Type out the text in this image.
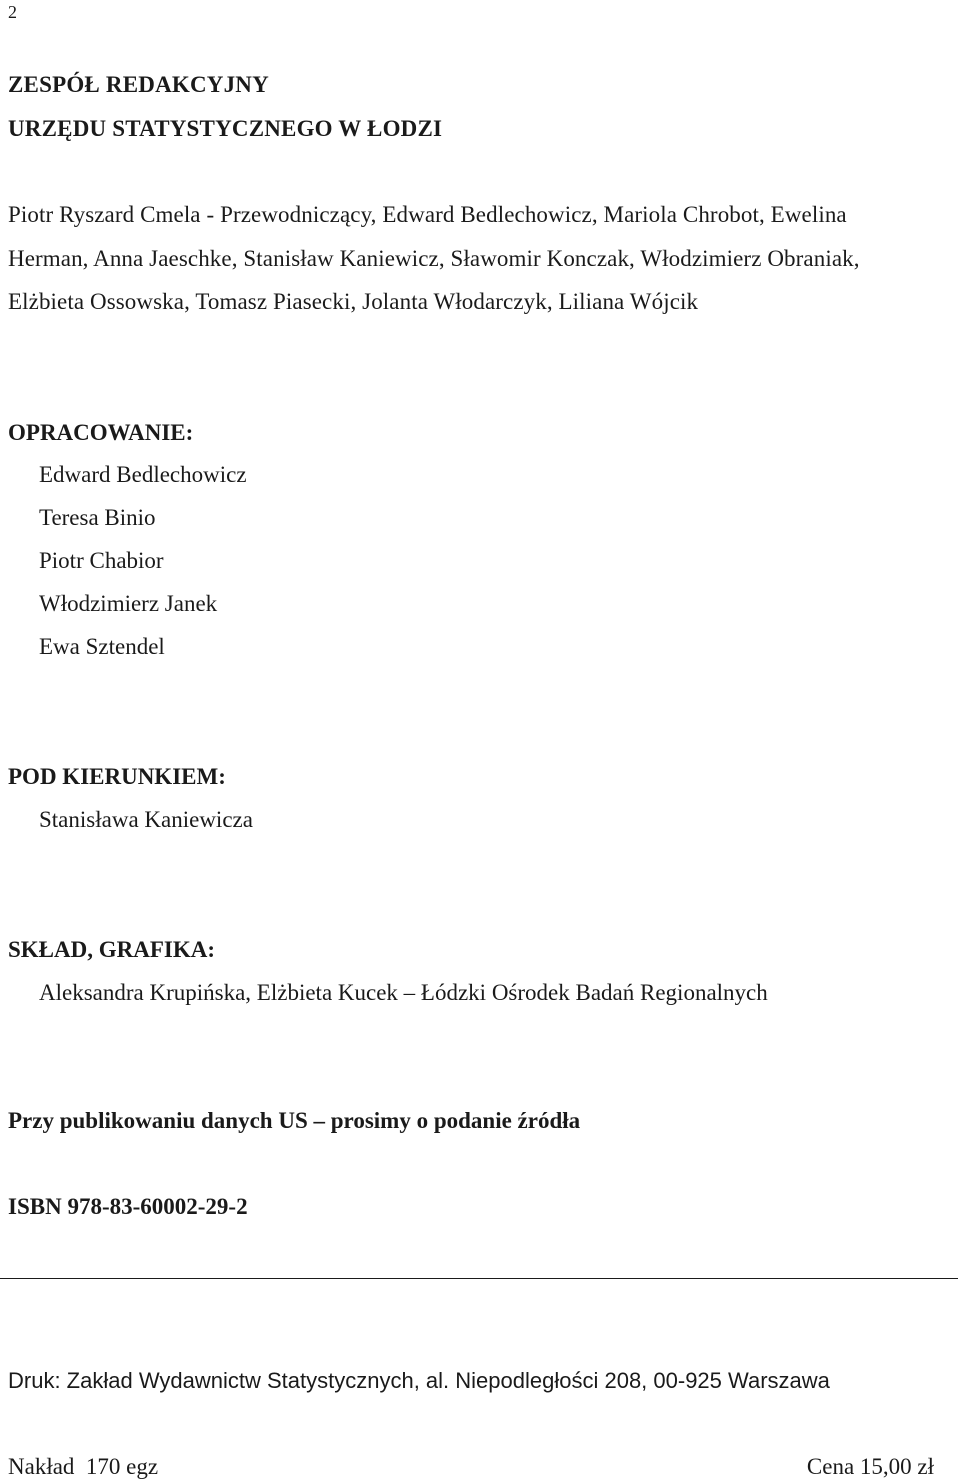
2
ZESPÓŁ REDAKCYJNY
URZĘDU STATYSTYCZNEGO W ŁODZI
Piotr Ryszard Cmela - Przewodniczący, Edward Bedlechowicz, Mariola Chrobot, Ewelina
Herman, Anna Jaeschke, Stanisław Kaniewicz, Sławomir Konczak, Włodzimierz Obraniak,
Elżbieta Ossowska, Tomasz Piasecki, Jolanta Włodarczyk, Liliana Wójcik
OPRACOWANIE:
Edward Bedlechowicz
Teresa Binio
Piotr Chabior
Włodzimierz Janek
Ewa Sztendel
POD KIERUNKIEM:
Stanisława Kaniewicza
SKŁAD, GRAFIKA:
Aleksandra Krupińska, Elżbieta Kucek – Łódzki Ośrodek Badań Regionalnych
Przy publikowaniu danych US – prosimy o podanie źródła
ISBN 978-83-60002-29-2
Druk: Zakład Wydawnictw Statystycznych, al. Niepodległości 208, 00-925 Warszawa
Nakład  170 egz	Cena 15,00 zł
